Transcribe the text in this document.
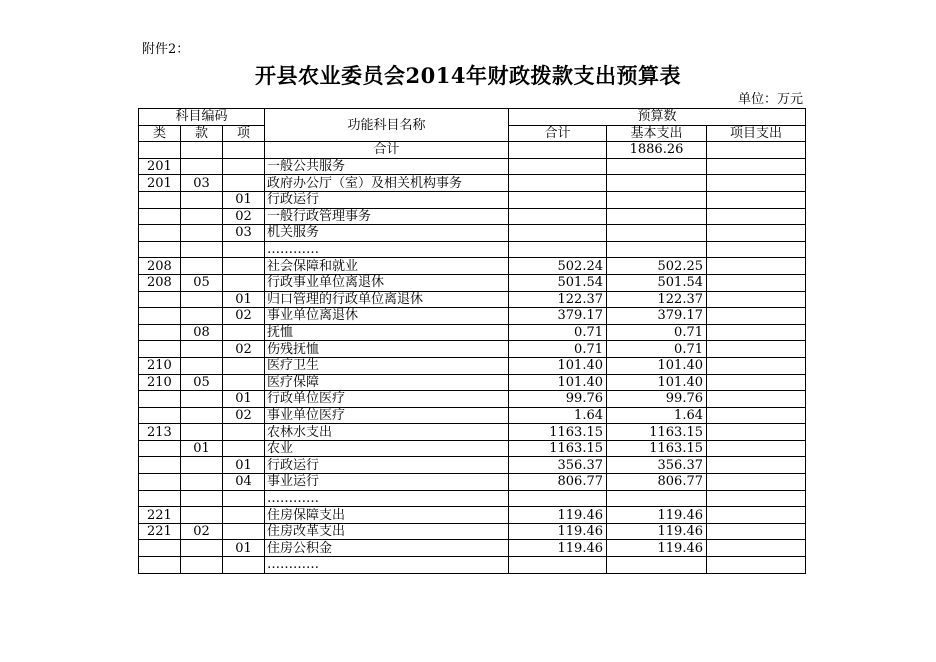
附件2：
开县农业委员会2014年财政拨款支出预算表
单位：万元
科目编码			功能科目名称	预算数		
类	款	项		合计	基本支出	项目支出
			合计		1886.26	
201			一般公共服务			
201	03		政府办公厅（室）及相关机构事务			
		01	行政运行			
		02	一般行政管理事务			
		03	机关服务			
			…………			
208			社会保障和就业	502.24	502.25	
208	05		行政事业单位离退休	501.54	501.54	
		01	归口管理的行政单位离退休	122.37	122.37	
		02	事业单位离退休	379.17	379.17	
	08		抚恤	0.71	0.71	
		02	伤残抚恤	0.71	0.71	
210			医疗卫生	101.40	101.40	
210	05		医疗保障	101.40	101.40	
		01	行政单位医疗	99.76	99.76	
		02	事业单位医疗	1.64	1.64	
213			农林水支出	1163.15	1163.15	
	01		农业	1163.15	1163.15	
		01	行政运行	356.37	356.37	
		04	事业运行	806.77	806.77	
			…………			
221			住房保障支出	119.46	119.46	
221	02		住房改革支出	119.46	119.46	
		01	住房公积金	119.46	119.46	
			…………			
